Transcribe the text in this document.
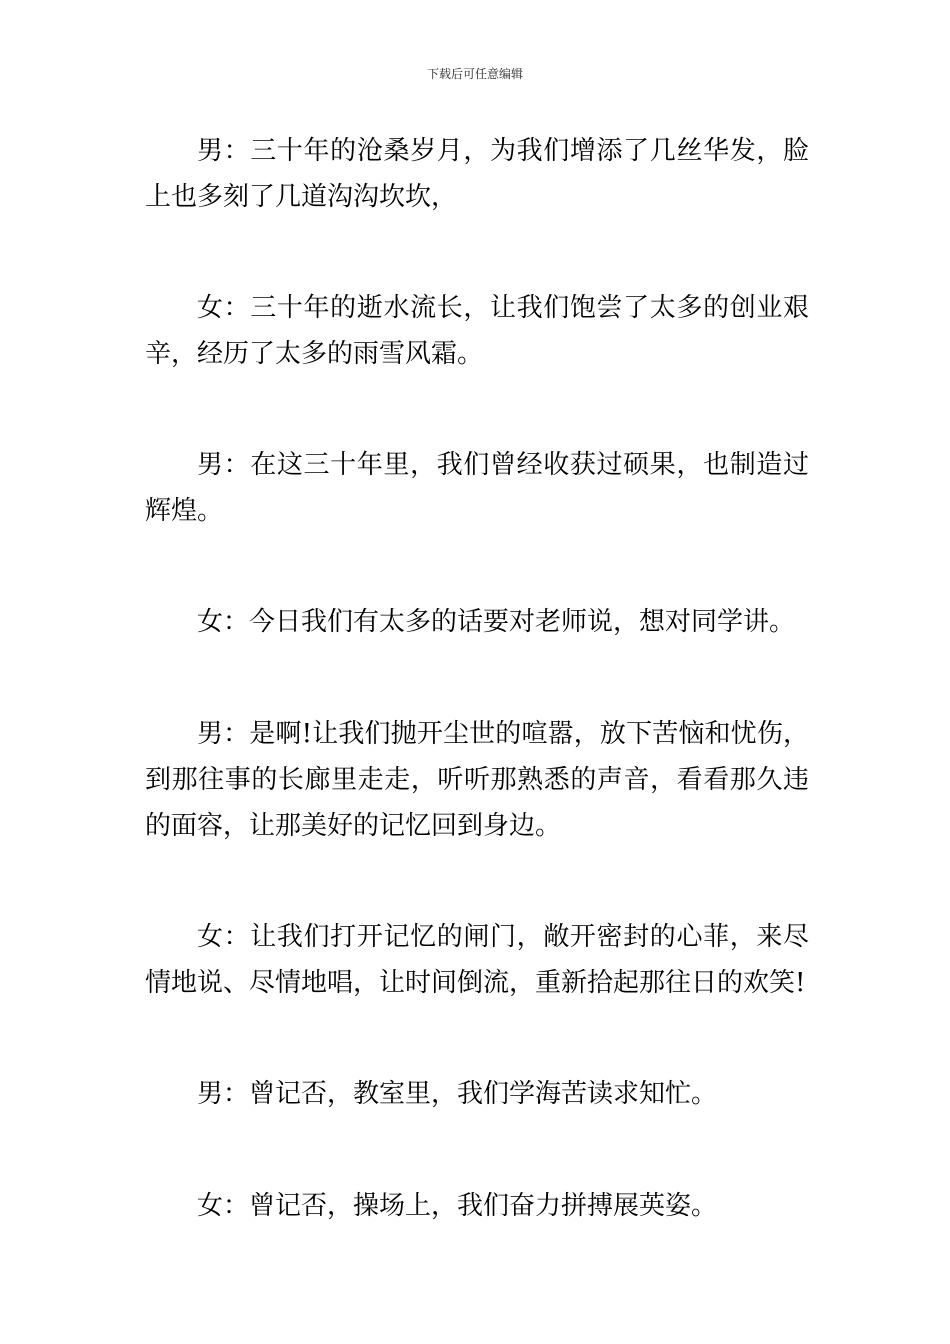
下载后可任意编辑

男：三十年的沧桑岁月，为我们增添了几丝华发，脸上也多刻了几道沟沟坎坎，

女：三十年的逝水流长，让我们饱尝了太多的创业艰辛，经历了太多的雨雪风霜。

男：在这三十年里，我们曾经收获过硕果，也制造过辉煌。

女：今日我们有太多的话要对老师说，想对同学讲。

男：是啊!让我们抛开尘世的喧嚣，放下苦恼和忧伤，到那往事的长廊里走走，听听那熟悉的声音，看看那久违的面容，让那美好的记忆回到身边。

女：让我们打开记忆的闸门，敞开密封的心菲，来尽情地说、尽情地唱，让时间倒流，重新拾起那往日的欢笑!

男：曾记否，教室里，我们学海苦读求知忙。

女：曾记否，操场上，我们奋力拼搏展英姿。
